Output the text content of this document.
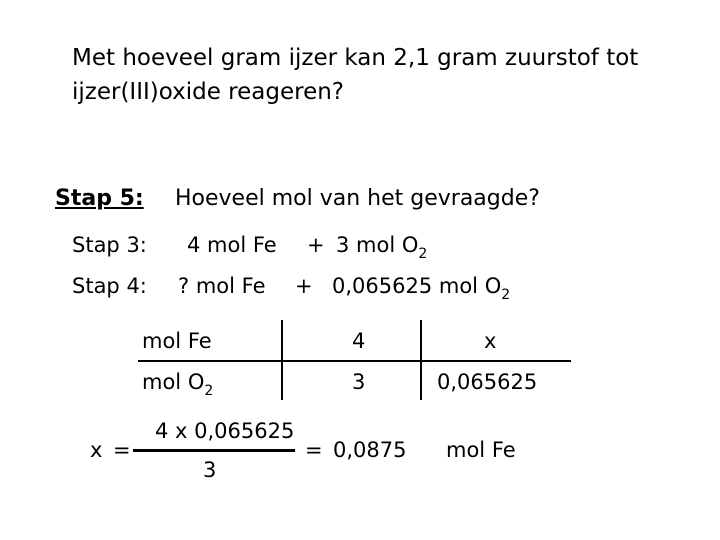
Met hoeveel gram ijzer kan 2,1 gram zuurstof tot
ijzer(III)oxide reageren?
Stap 5: Hoeveel mol van het gevraagde?
Stap 3: 4 mol Fe + 3 mol $O_2$
Stap 4: ? mol Fe + 0,065625 mol $O_2$
mol Fe	4	x
mol $O_2$	3	0,065625
x =
4 x 0,065625
3
= 0,0875 mol Fe
